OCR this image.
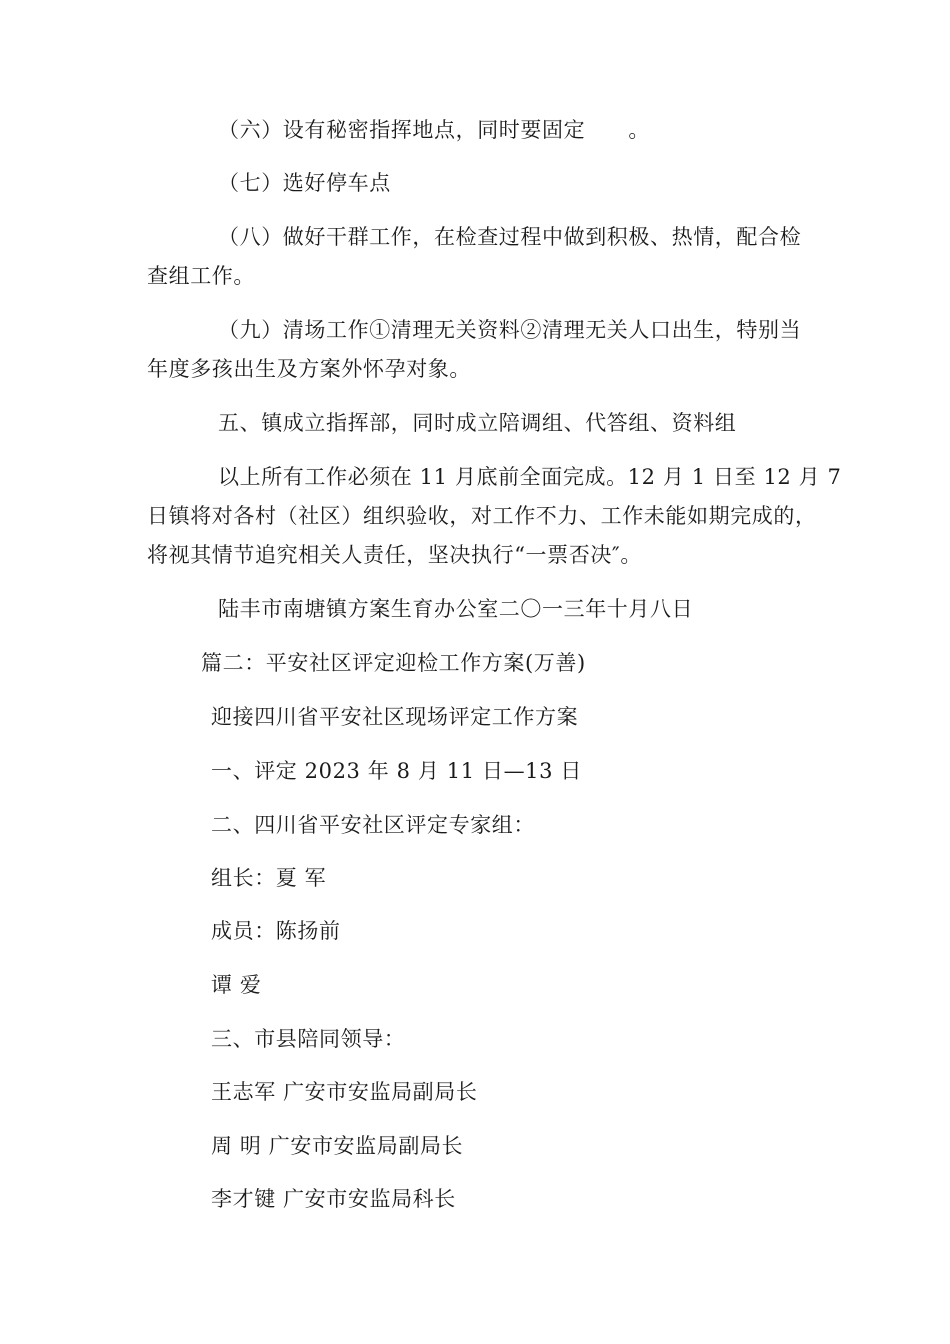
（六）设有秘密指挥地点，同时要固定　　。
（七）选好停车点
（八）做好干群工作，在检查过程中做到积极、热情，配合检
查组工作。
（九）清场工作①清理无关资料②清理无关人口出生，特别当
年度多孩出生及方案外怀孕对象。
五、镇成立指挥部，同时成立陪调组、代答组、资料组
以上所有工作必须在 11 月底前全面完成。12 月 1 日至 12 月 7
日镇将对各村（社区）组织验收，对工作不力、工作未能如期完成的，
将视其情节追究相关人责任，坚决执行“一票否决″。
陆丰市南塘镇方案生育办公室二〇一三年十月八日
篇二：平安社区评定迎检工作方案(万善)
迎接四川省平安社区现场评定工作方案
一、评定 2023 年 8 月 11 日—13 日
二、四川省平安社区评定专家组：
组长：夏 军
成员：陈扬前
谭 爱
三、市县陪同领导：
王志军 广安市安监局副局长
周 明 广安市安监局副局长
李才键 广安市安监局科长
